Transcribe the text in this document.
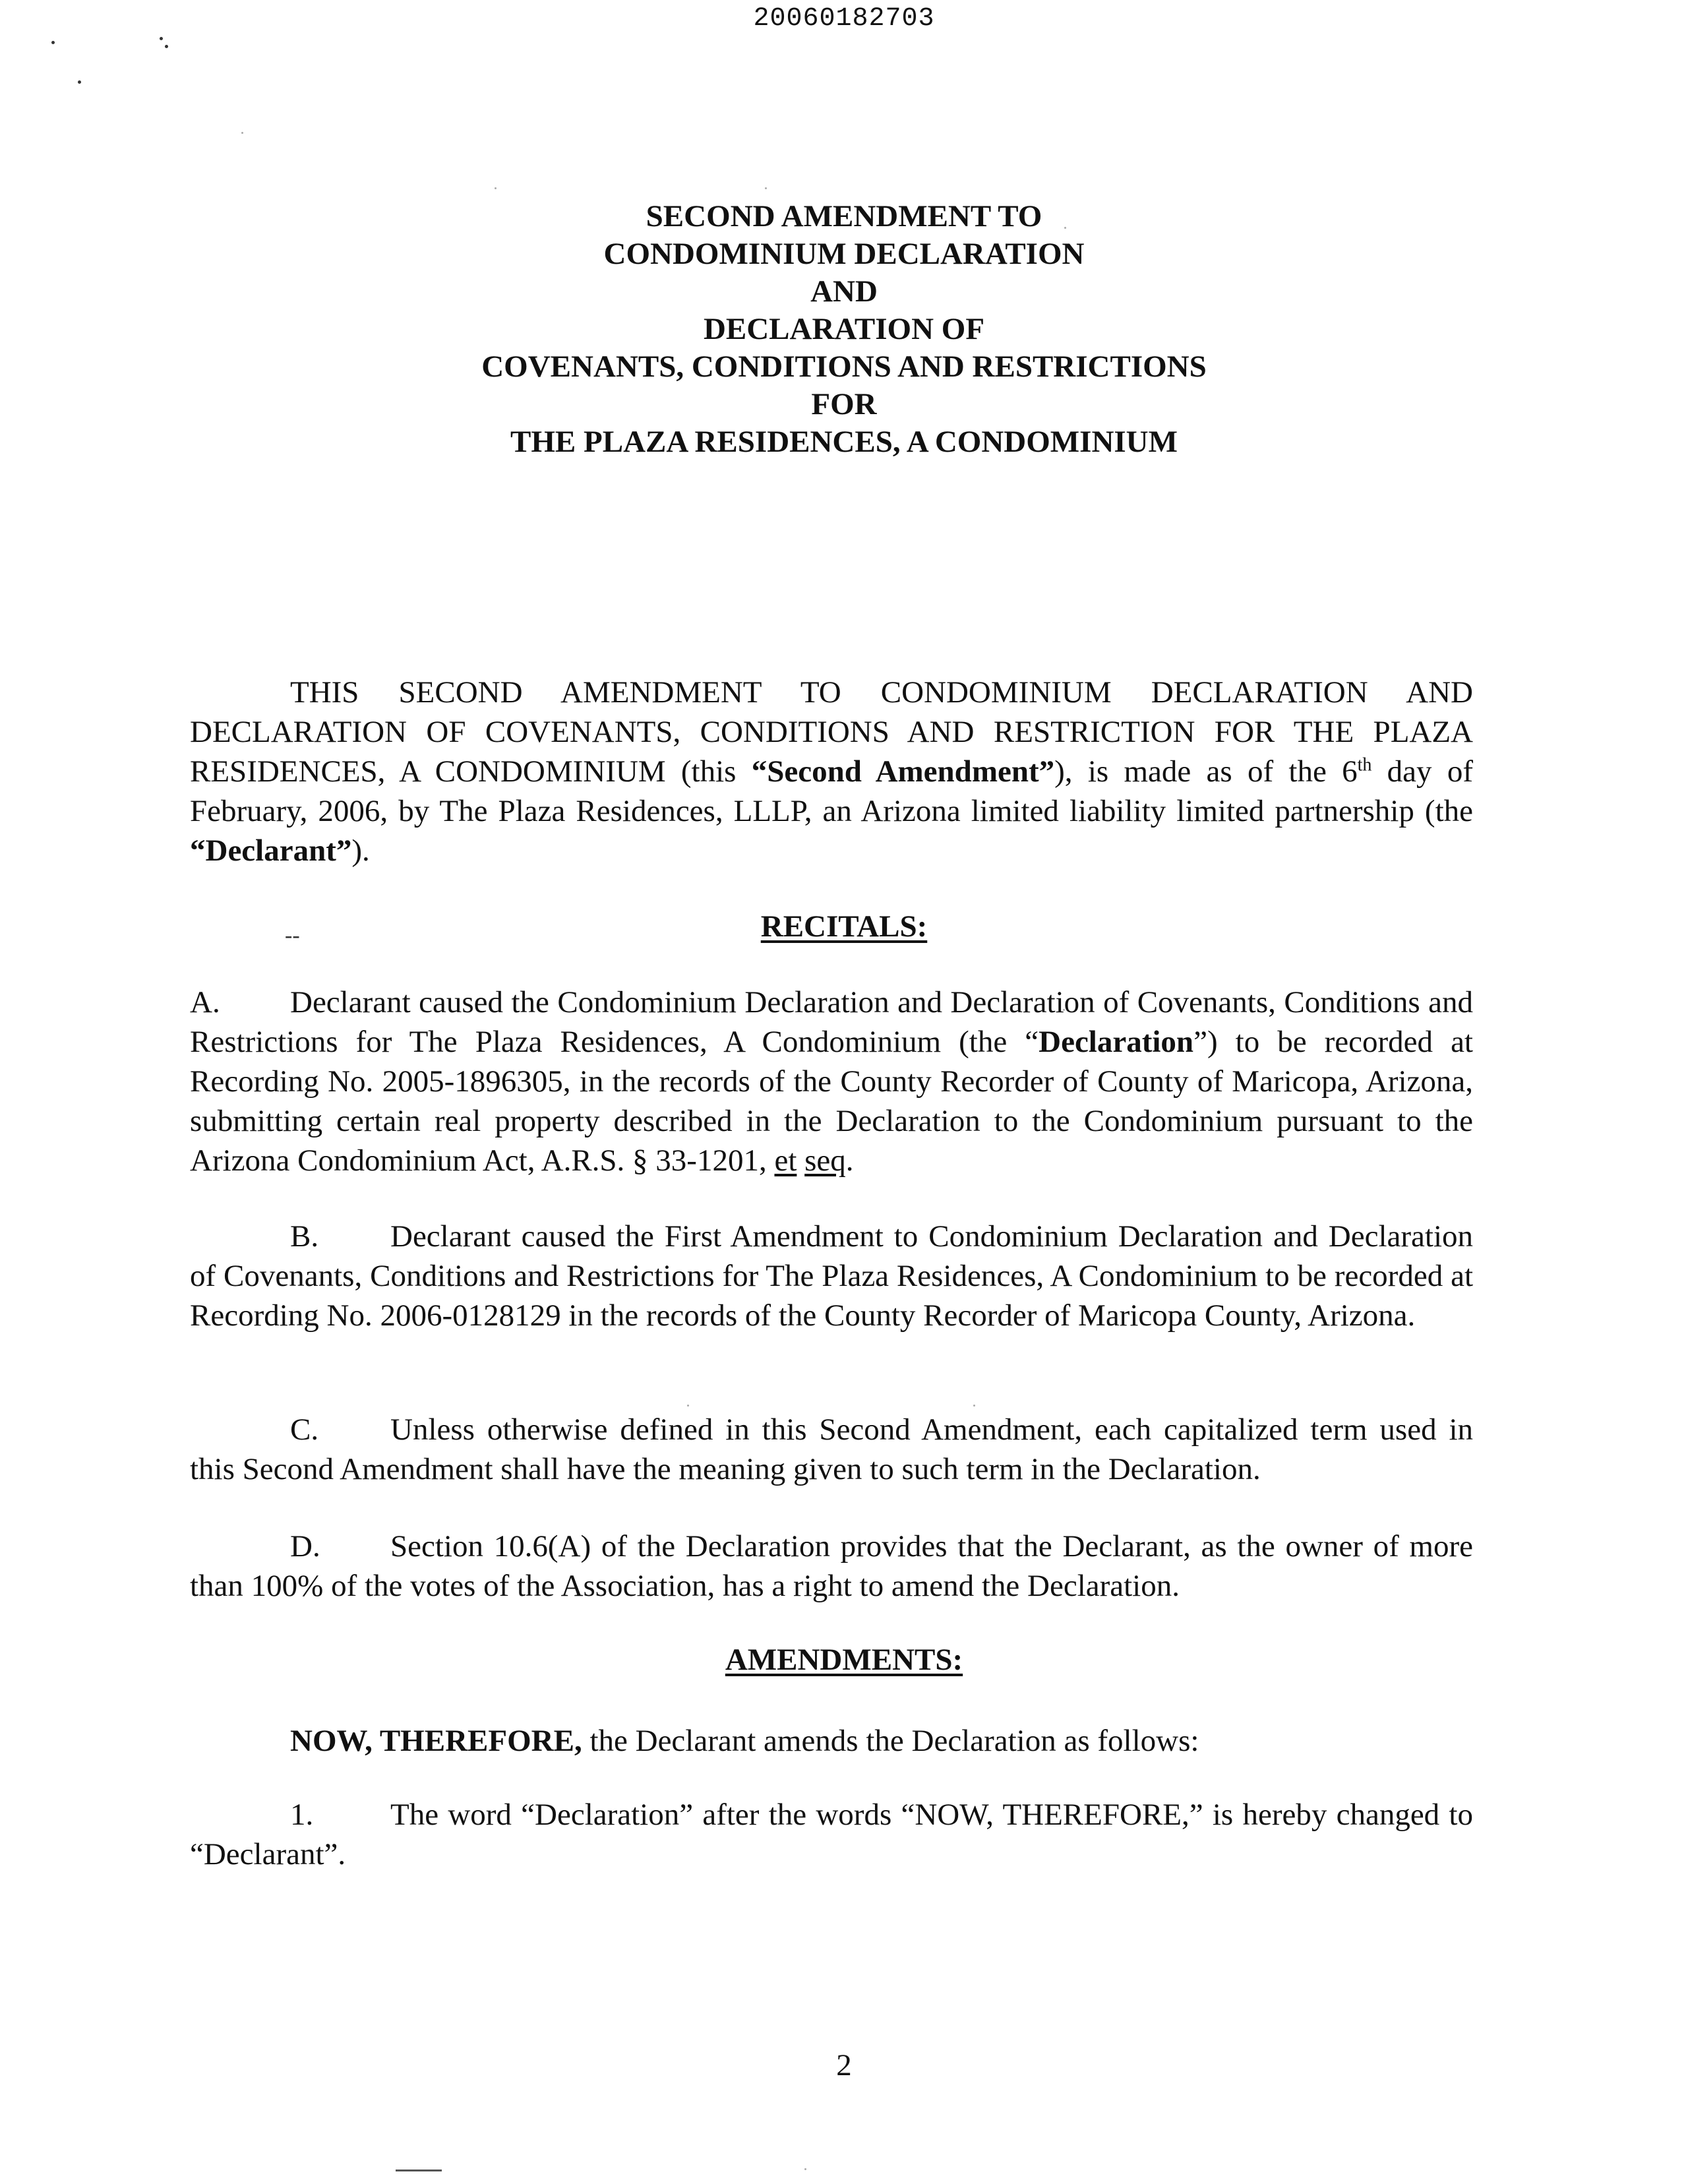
20060182703
SECOND AMENDMENT TO
CONDOMINIUM DECLARATION
AND
DECLARATION OF
COVENANTS, CONDITIONS AND RESTRICTIONS
FOR
THE PLAZA RESIDENCES, A CONDOMINIUM

THIS SECOND AMENDMENT TO CONDOMINIUM DECLARATION AND DECLARATION OF COVENANTS, CONDITIONS AND RESTRICTION FOR THE PLAZA RESIDENCES, A CONDOMINIUM (this “Second Amendment”), is made as of the 6th day of February, 2006, by The Plaza Residences, LLLP, an Arizona limited liability limited partnership (the “Declarant”).

--	RECITALS:

A. Declarant caused the Condominium Declaration and Declaration of Covenants, Conditions and Restrictions for The Plaza Residences, A Condominium (the “Declaration”) to be recorded at Recording No. 2005-1896305, in the records of the County Recorder of County of Maricopa, Arizona, submitting certain real property described in the Declaration to the Condominium pursuant to the Arizona Condominium Act, A.R.S. § 33-1201, et seq.

B. Declarant caused the First Amendment to Condominium Declaration and Declaration of Covenants, Conditions and Restrictions for The Plaza Residences, A Condominium to be recorded at Recording No. 2006-0128129 in the records of the County Recorder of Maricopa County, Arizona.

C. Unless otherwise defined in this Second Amendment, each capitalized term used in this Second Amendment shall have the meaning given to such term in the Declaration.

D. Section 10.6(A) of the Declaration provides that the Declarant, as the owner of more than 100% of the votes of the Association, has a right to amend the Declaration.

AMENDMENTS:

NOW, THEREFORE, the Declarant amends the Declaration as follows:

1. The word “Declaration” after the words “NOW, THEREFORE,” is hereby changed to “Declarant”.

2
